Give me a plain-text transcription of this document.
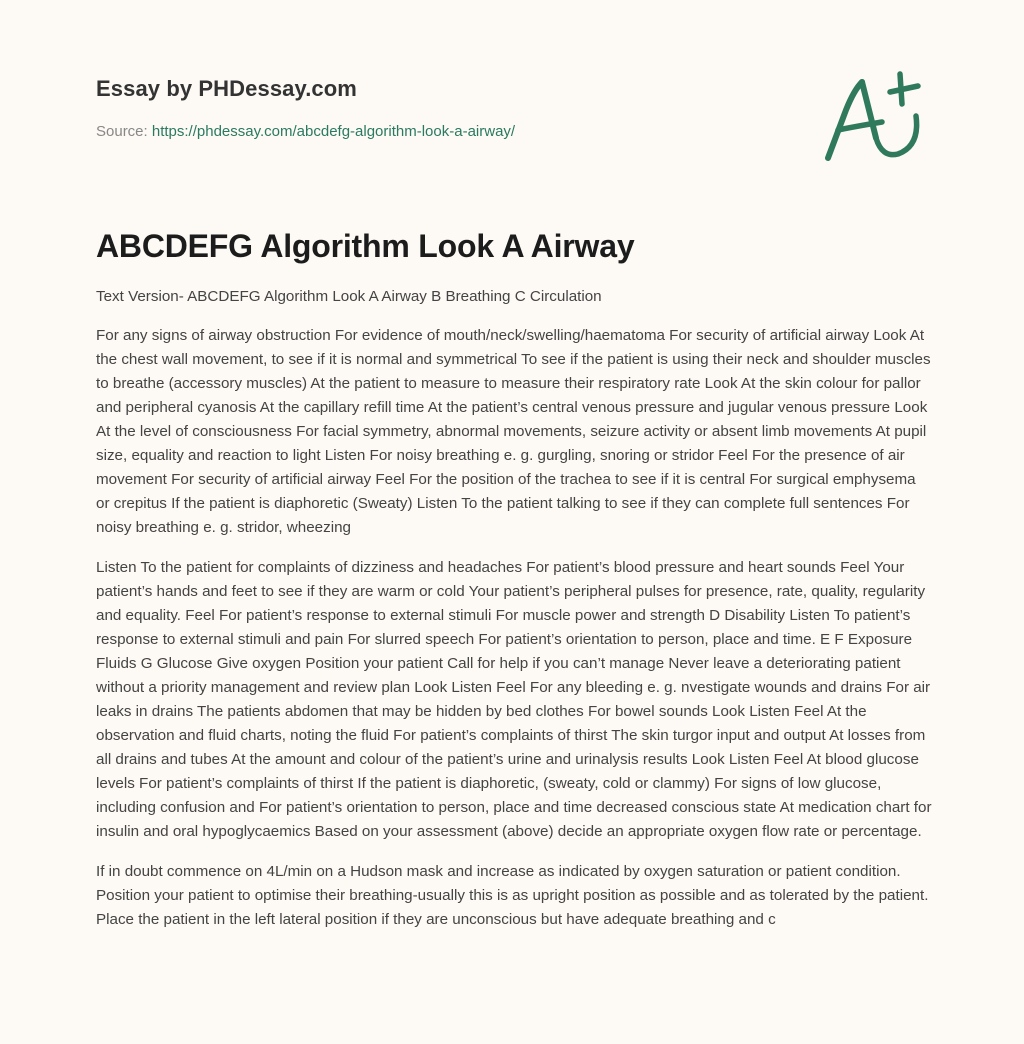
Essay by PHDessay.com
Source: https://phdessay.com/abcdefg-algorithm-look-a-airway/
ABCDEFG Algorithm Look A Airway

Text Version- ABCDEFG Algorithm Look A Airway B Breathing C Circulation

For any signs of airway obstruction For evidence of mouth/neck/swelling/haematoma For security of artificial airway Look At the chest wall movement, to see if it is normal and symmetrical To see if the patient is using their neck and shoulder muscles to breathe (accessory muscles) At the patient to measure to measure their respiratory rate Look At the skin colour for pallor and peripheral cyanosis At the capillary refill time At the patient’s central venous pressure and jugular venous pressure Look At the level of consciousness For facial symmetry, abnormal movements, seizure activity or absent limb movements At pupil size, equality and reaction to light Listen For noisy breathing e. g. gurgling, snoring or stridor Feel For the presence of air movement For security of artificial airway Feel For the position of the trachea to see if it is central For surgical emphysema or crepitus If the patient is diaphoretic (Sweaty) Listen To the patient talking to see if they can complete full sentences For noisy breathing e. g. stridor, wheezing

Listen To the patient for complaints of dizziness and headaches For patient’s blood pressure and heart sounds Feel Your patient’s hands and feet to see if they are warm or cold Your patient’s peripheral pulses for presence, rate, quality, regularity and equality. Feel For patient’s response to external stimuli For muscle power and strength D Disability Listen To patient’s response to external stimuli and pain For slurred speech For patient’s orientation to person, place and time. E F Exposure Fluids G Glucose Give oxygen Position your patient Call for help if you can’t manage Never leave a deteriorating patient without a priority management and review plan Look Listen Feel For any bleeding e. g. nvestigate wounds and drains For air leaks in drains The patients abdomen that may be hidden by bed clothes For bowel sounds Look Listen Feel At the observation and fluid charts, noting the fluid For patient’s complaints of thirst The skin turgor input and output At losses from all drains and tubes At the amount and colour of the patient’s urine and urinalysis results Look Listen Feel At blood glucose levels For patient’s complaints of thirst If the patient is diaphoretic, (sweaty, cold or clammy) For signs of low glucose, including confusion and For patient’s orientation to person, place and time decreased conscious state At medication chart for insulin and oral hypoglycaemics Based on your assessment (above) decide an appropriate oxygen flow rate or percentage.

If in doubt commence on 4L/min on a Hudson mask and increase as indicated by oxygen saturation or patient condition. Position your patient to optimise their breathing-usually this is as upright position as possible and as tolerated by the patient. Place the patient in the left lateral position if they are unconscious but have adequate breathing and c
